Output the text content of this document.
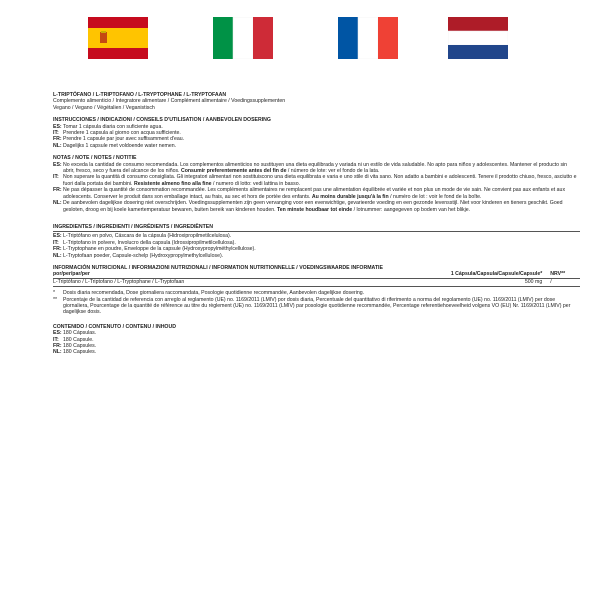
L-TRIPTÓFANO / L-TRIPTOFANO / L-TRYPTOPHANE / L-TRYPTOFAAN
Complemento alimenticio / Integratore alimentare / Complément alimentaire / Voedingssupplementen
Vegano / Vegano / Végétalien / Veganistisch
INSTRUCCIONES / INDICAZIONI / CONSEILS D'UTILISATION / AANBEVOLEN DOSERING
ES: Tomar 1 cápsula diaria con suficiente agua.
IT: Prendere 1 capsula al giorno con acqua sufficiente.
FR: Prendre 1 capsule par jour avec suffisamment d'eau.
NL: Dagelijks 1 capsule met voldoende water nemen.
NOTAS / NOTE / NOTES / NOTITIE
ES: No exceda la cantidad de consumo recomendada. Los complementos alimenticios no sustituyen una dieta equilibrada y variada ni un estilo de vida saludable. No apto para niños y adolescentes. Mantener el producto sin abrir, fresco, seco y fuera del alcance de los niños. Consumir preferentemente antes del fin de / número de lote: ver el fondo de la lata.
IT: Non superare la quantità di consumo consigliata. Gli integratori alimentari non sostituiscono una dieta equilibrata e varia e uno stile di vita sano. Non adatto a bambini e adolescenti. Tenere il prodotto chiuso, fresco, asciutto e fuori dalla portata dei bambini. Resistente almeno fino alla fine / numero di lotto: vedi lattina in basso.
FR: Ne pas dépasser la quantité de consommation recommandée. Les compléments alimentaires ne remplacent pas une alimentation équilibrée et variée et non plus un mode de vie sain. Ne convient pas aux enfants et aux adolescents. Conserver le produit dans son emballage intact, au frais, au sec et hors de portée des enfants. Au moins durable jusqu'à la fin / numéro de lot : voir le fond de la boîte.
NL: De aanbevolen dagelijkse dosering niet overschrijden. Voedingssupplementen zijn geen vervanging voor een evenwichtige, gevarieerde voeding en een gezonde levensstijl. Niet voor kinderen en tieners geschikt. Goed gesloten, droog en bij koele kamertemperatuur bewaren, buiten bereik van kinderen houden. Ten minste houdbaar tot einde / lotnummer: aangegeven op bodem van het blikje.
INGREDIENTES / INGREDIENTI / INGRÉDIENTS / INGREDIËNTEN
ES: L-Triptófano en polvo, Cáscara de la cápsula (Hidroxipropilmetilcelulosa).
IT: L-Triptofano in polvere, Involucro della capsula (Idrossipropilmetilcellulosa).
FR: L-Tryptophane en poudre, Enveloppe de la capsule (Hydroxypropylméthylcellulose).
NL: L-Tryptofaan poeder, Capsule-schelp (Hydroxypropylmethylcellulose).
INFORMACIÓN NUTRICIONAL / INFORMAZIONI NUTRIZIONALI / INFORMATION NUTRITIONNELLE / VOEDINGSWAARDE INFORMATIE
por/per/par/per	1 Cápsula/Capsula/Capsule/Capsule*	NRV**
L-Triptófano / L-Triptofano / L-Tryptophane / L-Tryptofaan	500 mg	/
* Dosis diaria recomendada, Dose giornaliera raccomandata, Posologie quotidienne recommandée, Aanbevolen dagelijkse dosering.
** Porcentaje de la cantidad de referencia con arreglo al reglamento (UE) no. 1169/2011 (LMIV) por dosis diaria, Percentuale del quantitativo di riferimento a norma del regolamento (UE) no. 1169/2011 (LMIV) per dose giornaliera, Pourcentage de la quantité de référence au titre du règlement (UE) no. 1169/2011 (LMIV) par posologie quotidienne recommandée, Percentage referentiehoeveelheid volgens VO (EU) Nr. 1169/2011 (LMIV) per dagelijkse dosis.
CONTENIDO / CONTENUTO / CONTENU / INHOUD
ES: 180 Cápsulas.
IT: 180 Capsule.
FR: 180 Capsules.
NL: 180 Capsules.
